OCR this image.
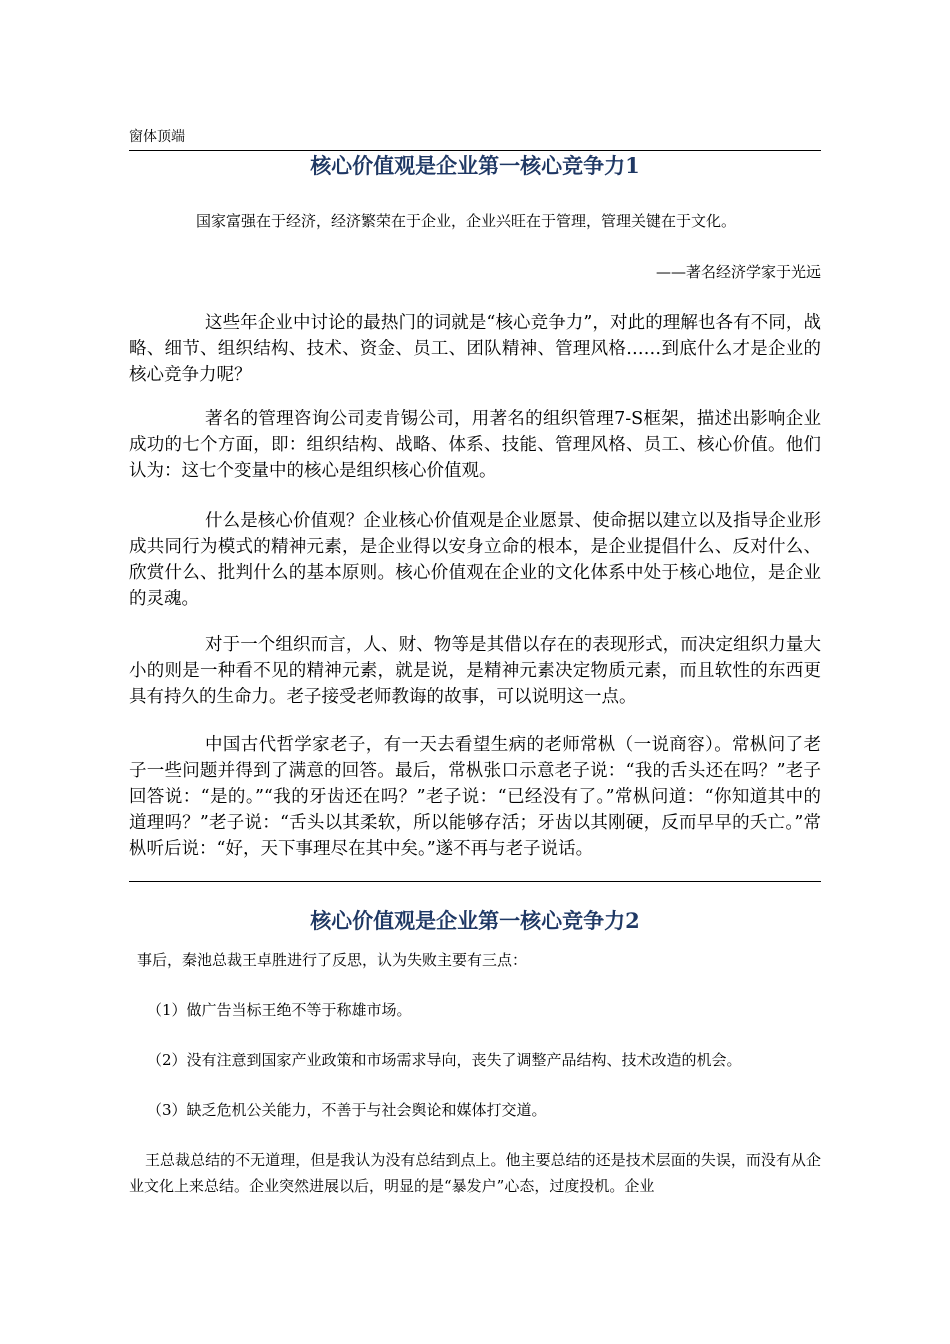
窗体顶端
核心价值观是企业第一核心竞争力1
国家富强在于经济，经济繁荣在于企业，企业兴旺在于管理，管理关键在于文化。
——著名经济学家于光远

这些年企业中讨论的最热门的词就是“核心竞争力”，对此的理解也各有不同，战略、细节、组织结构、技术、资金、员工、团队精神、管理风格……到底什么才是企业的核心竞争力呢？

著名的管理咨询公司麦肯锡公司，用著名的组织管理7-S框架，描述出影响企业成功的七个方面，即：组织结构、战略、体系、技能、管理风格、员工、核心价值。他们认为：这七个变量中的核心是组织核心价值观。

什么是核心价值观？企业核心价值观是企业愿景、使命据以建立以及指导企业形成共同行为模式的精神元素，是企业得以安身立命的根本，是企业提倡什么、反对什么、欣赏什么、批判什么的基本原则。核心价值观在企业的文化体系中处于核心地位，是企业的灵魂。

对于一个组织而言，人、财、物等是其借以存在的表现形式，而决定组织力量大小的则是一种看不见的精神元素，就是说，是精神元素决定物质元素，而且软性的东西更具有持久的生命力。老子接受老师教诲的故事，可以说明这一点。

中国古代哲学家老子，有一天去看望生病的老师常枞（一说商容）。常枞问了老子一些问题并得到了满意的回答。最后，常枞张口示意老子说：“我的舌头还在吗？”老子回答说：“是的。”“我的牙齿还在吗？”老子说：“已经没有了。”常枞问道：“你知道其中的道理吗？”老子说：“舌头以其柔软，所以能够存活；牙齿以其刚硬，反而早早的夭亡。”常枞听后说：“好，天下事理尽在其中矣。”遂不再与老子说话。

核心价值观是企业第一核心竞争力2

事后，秦池总裁王卓胜进行了反思，认为失败主要有三点：

（1）做广告当标王绝不等于称雄市场。

（2）没有注意到国家产业政策和市场需求导向，丧失了调整产品结构、技术改造的机会。

（3）缺乏危机公关能力，不善于与社会舆论和媒体打交道。

王总裁总结的不无道理，但是我认为没有总结到点上。他主要总结的还是技术层面的失误，而没有从企业文化上来总结。企业突然进展以后，明显的是“暴发户”心态，过度投机。企业
